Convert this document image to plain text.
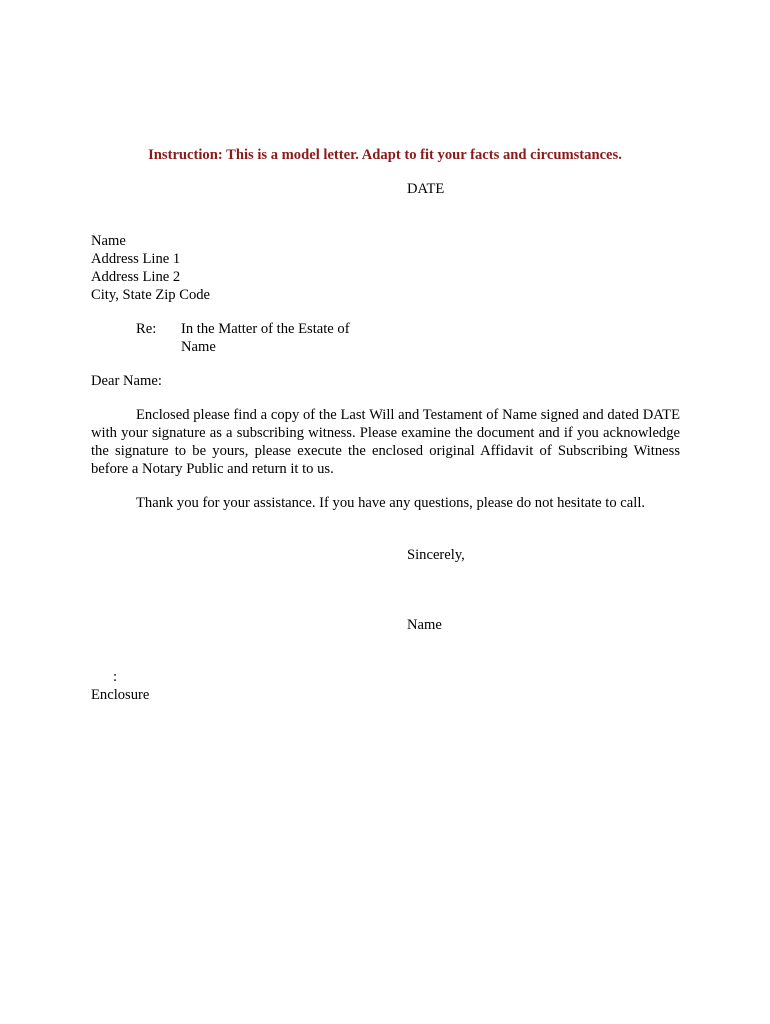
Instruction: This is a model letter. Adapt to fit your facts and circumstances.
DATE
Name
Address Line 1
Address Line 2
City, State Zip Code
Re: In the Matter of the Estate of
Name
Dear Name:
Enclosed please find a copy of the Last Will and Testament of Name signed and dated DATE with your signature as a subscribing witness. Please examine the document and if you acknowledge the signature to be yours, please execute the enclosed original Affidavit of Subscribing Witness before a Notary Public and return it to us.
Thank you for your assistance. If you have any questions, please do not hesitate to call.
Sincerely,
Name
:
Enclosure
